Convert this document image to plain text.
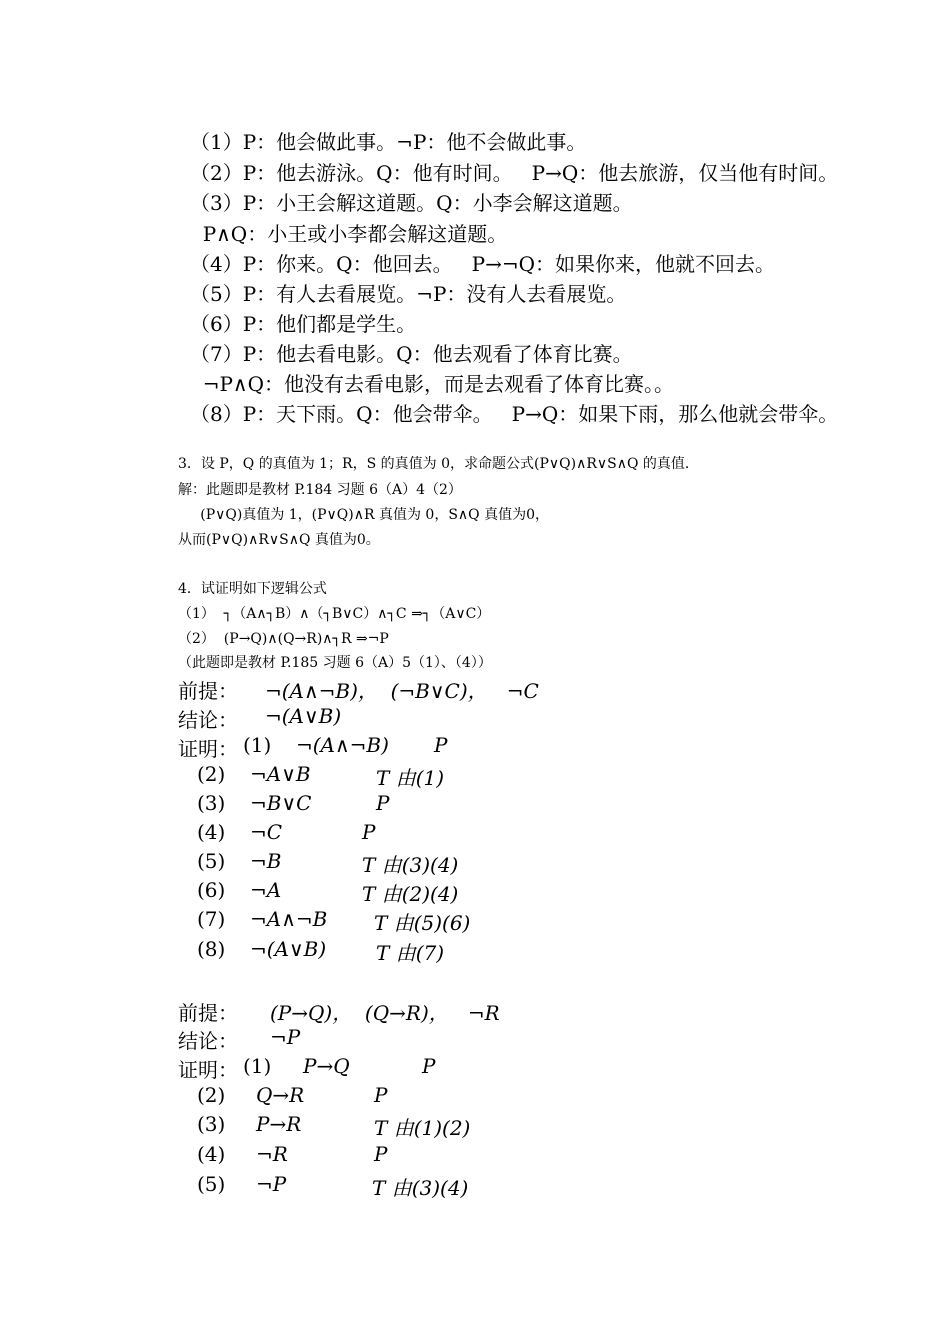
（1）P：他会做此事。¬P：他不会做此事。
（2）P：他去游泳。Q：他有时间。   P→Q：他去旅游，仅当他有时间。
（3）P：小王会解这道题。Q：小李会解这道题。
P∧Q：小王或小李都会解这道题。
（4）P：你来。Q：他回去。   P→¬Q：如果你来，他就不回去。
（5）P：有人去看展览。¬P：没有人去看展览。
（6）P：他们都是学生。
（7）P：他去看电影。Q：他去观看了体育比赛。
¬P∧Q：他没有去看电影，而是去观看了体育比赛。。
（8）P：天下雨。Q：他会带伞。   P→Q：如果下雨，那么他就会带伞。
3．设 P，Q 的真值为 1；R，S 的真值为 0，求命题公式(P∨Q)∧R∨S∧Q 的真值．
解：此题即是教材 P.184 习题 6（A）4（2）
(P∨Q)真值为 1，(P∨Q)∧R 真值为 0，S∧Q 真值为0，
从而(P∨Q)∧R∨S∧Q 真值为0。
4．试证明如下逻辑公式
（1）  ┐（A∧┐B）∧（┐B∨C）∧┐C ⇒┐（A∨C）
（2）  (P→Q)∧(Q→R)∧┐R ⇒¬P
（此题即是教材 P.185 习题 6（A）5（1）、（4））
前提： ¬(A∧¬B)，  (¬B∨C)，   ¬C
结论： ¬(A∨B)
证明： (1) ¬(A∧¬B) P
(2) ¬A∨B	T 由(1)
(3) ¬B∨C	P
(4) ¬C	P
(5) ¬B	T 由(3)(4)
(6) ¬A	T 由(2)(4)
(7) ¬A∧¬B T 由(5)(6)
(8) ¬(A∨B) T 由(7)
前提： (P→Q)，  (Q→R)，   ¬R
结论： ¬P
证明： (1) P→Q	P
(2) Q→R	P
(3) P→R	T 由(1)(2)
(4) ¬R	P
(5) ¬P	T 由(3)(4)
